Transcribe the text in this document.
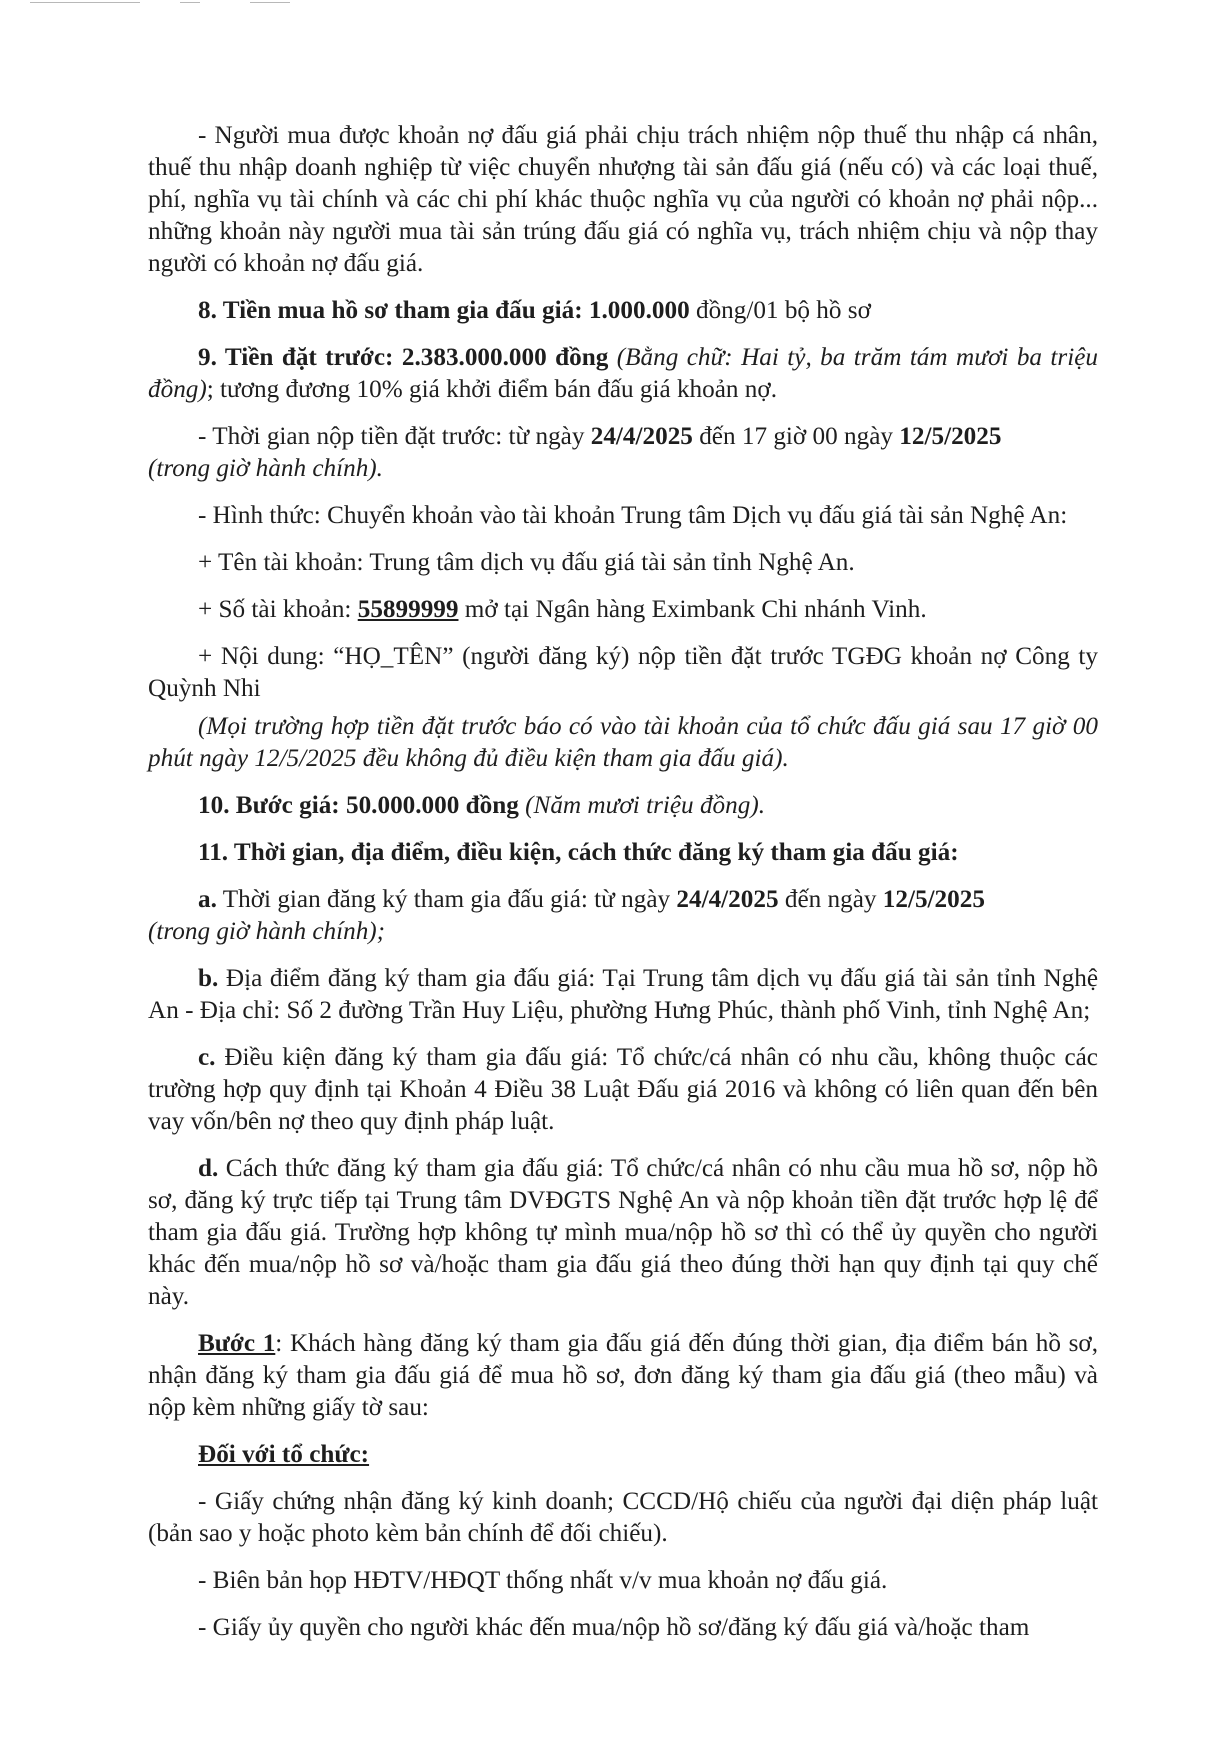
- Người mua được khoản nợ đấu giá phải chịu trách nhiệm nộp thuế thu nhập cá nhân, thuế thu nhập doanh nghiệp từ việc chuyển nhượng tài sản đấu giá (nếu có) và các loại thuế, phí, nghĩa vụ tài chính và các chi phí khác thuộc nghĩa vụ của người có khoản nợ phải nộp... những khoản này người mua tài sản trúng đấu giá có nghĩa vụ, trách nhiệm chịu và nộp thay người có khoản nợ đấu giá.

8. Tiền mua hồ sơ tham gia đấu giá: 1.000.000 đồng/01 bộ hồ sơ

9. Tiền đặt trước: 2.383.000.000 đồng (Bằng chữ: Hai tỷ, ba trăm tám mươi ba triệu đồng); tương đương 10% giá khởi điểm bán đấu giá khoản nợ.

- Thời gian nộp tiền đặt trước: từ ngày 24/4/2025 đến 17 giờ 00 ngày 12/5/2025
(trong giờ hành chính).

- Hình thức: Chuyển khoản vào tài khoản Trung tâm Dịch vụ đấu giá tài sản Nghệ An:

+ Tên tài khoản: Trung tâm dịch vụ đấu giá tài sản tỉnh Nghệ An.

+ Số tài khoản: 55899999 mở tại Ngân hàng Eximbank Chi nhánh Vinh.

+ Nội dung: “HỌ_TÊN” (người đăng ký) nộp tiền đặt trước TGĐG khoản nợ Công ty Quỳnh Nhi

(Mọi trường hợp tiền đặt trước báo có vào tài khoản của tổ chức đấu giá sau 17 giờ 00 phút ngày 12/5/2025 đều không đủ điều kiện tham gia đấu giá).

10. Bước giá: 50.000.000 đồng (Năm mươi triệu đồng).

11. Thời gian, địa điểm, điều kiện, cách thức đăng ký tham gia đấu giá:

a. Thời gian đăng ký tham gia đấu giá: từ ngày 24/4/2025 đến ngày 12/5/2025
(trong giờ hành chính);

b. Địa điểm đăng ký tham gia đấu giá: Tại Trung tâm dịch vụ đấu giá tài sản tỉnh Nghệ An - Địa chỉ: Số 2 đường Trần Huy Liệu, phường Hưng Phúc, thành phố Vinh, tỉnh Nghệ An;

c. Điều kiện đăng ký tham gia đấu giá: Tổ chức/cá nhân có nhu cầu, không thuộc các trường hợp quy định tại Khoản 4 Điều 38 Luật Đấu giá 2016 và không có liên quan đến bên vay vốn/bên nợ theo quy định pháp luật.

d. Cách thức đăng ký tham gia đấu giá: Tổ chức/cá nhân có nhu cầu mua hồ sơ, nộp hồ sơ, đăng ký trực tiếp tại Trung tâm DVĐGTS Nghệ An và nộp khoản tiền đặt trước hợp lệ để tham gia đấu giá. Trường hợp không tự mình mua/nộp hồ sơ thì có thể ủy quyền cho người khác đến mua/nộp hồ sơ và/hoặc tham gia đấu giá theo đúng thời hạn quy định tại quy chế này.

Bước 1: Khách hàng đăng ký tham gia đấu giá đến đúng thời gian, địa điểm bán hồ sơ, nhận đăng ký tham gia đấu giá để mua hồ sơ, đơn đăng ký tham gia đấu giá (theo mẫu) và nộp kèm những giấy tờ sau:

Đối với tổ chức:

- Giấy chứng nhận đăng ký kinh doanh; CCCD/Hộ chiếu của người đại diện pháp luật (bản sao y hoặc photo kèm bản chính để đối chiếu).

- Biên bản họp HĐTV/HĐQT thống nhất v/v mua khoản nợ đấu giá.

- Giấy ủy quyền cho người khác đến mua/nộp hồ sơ/đăng ký đấu giá và/hoặc tham
